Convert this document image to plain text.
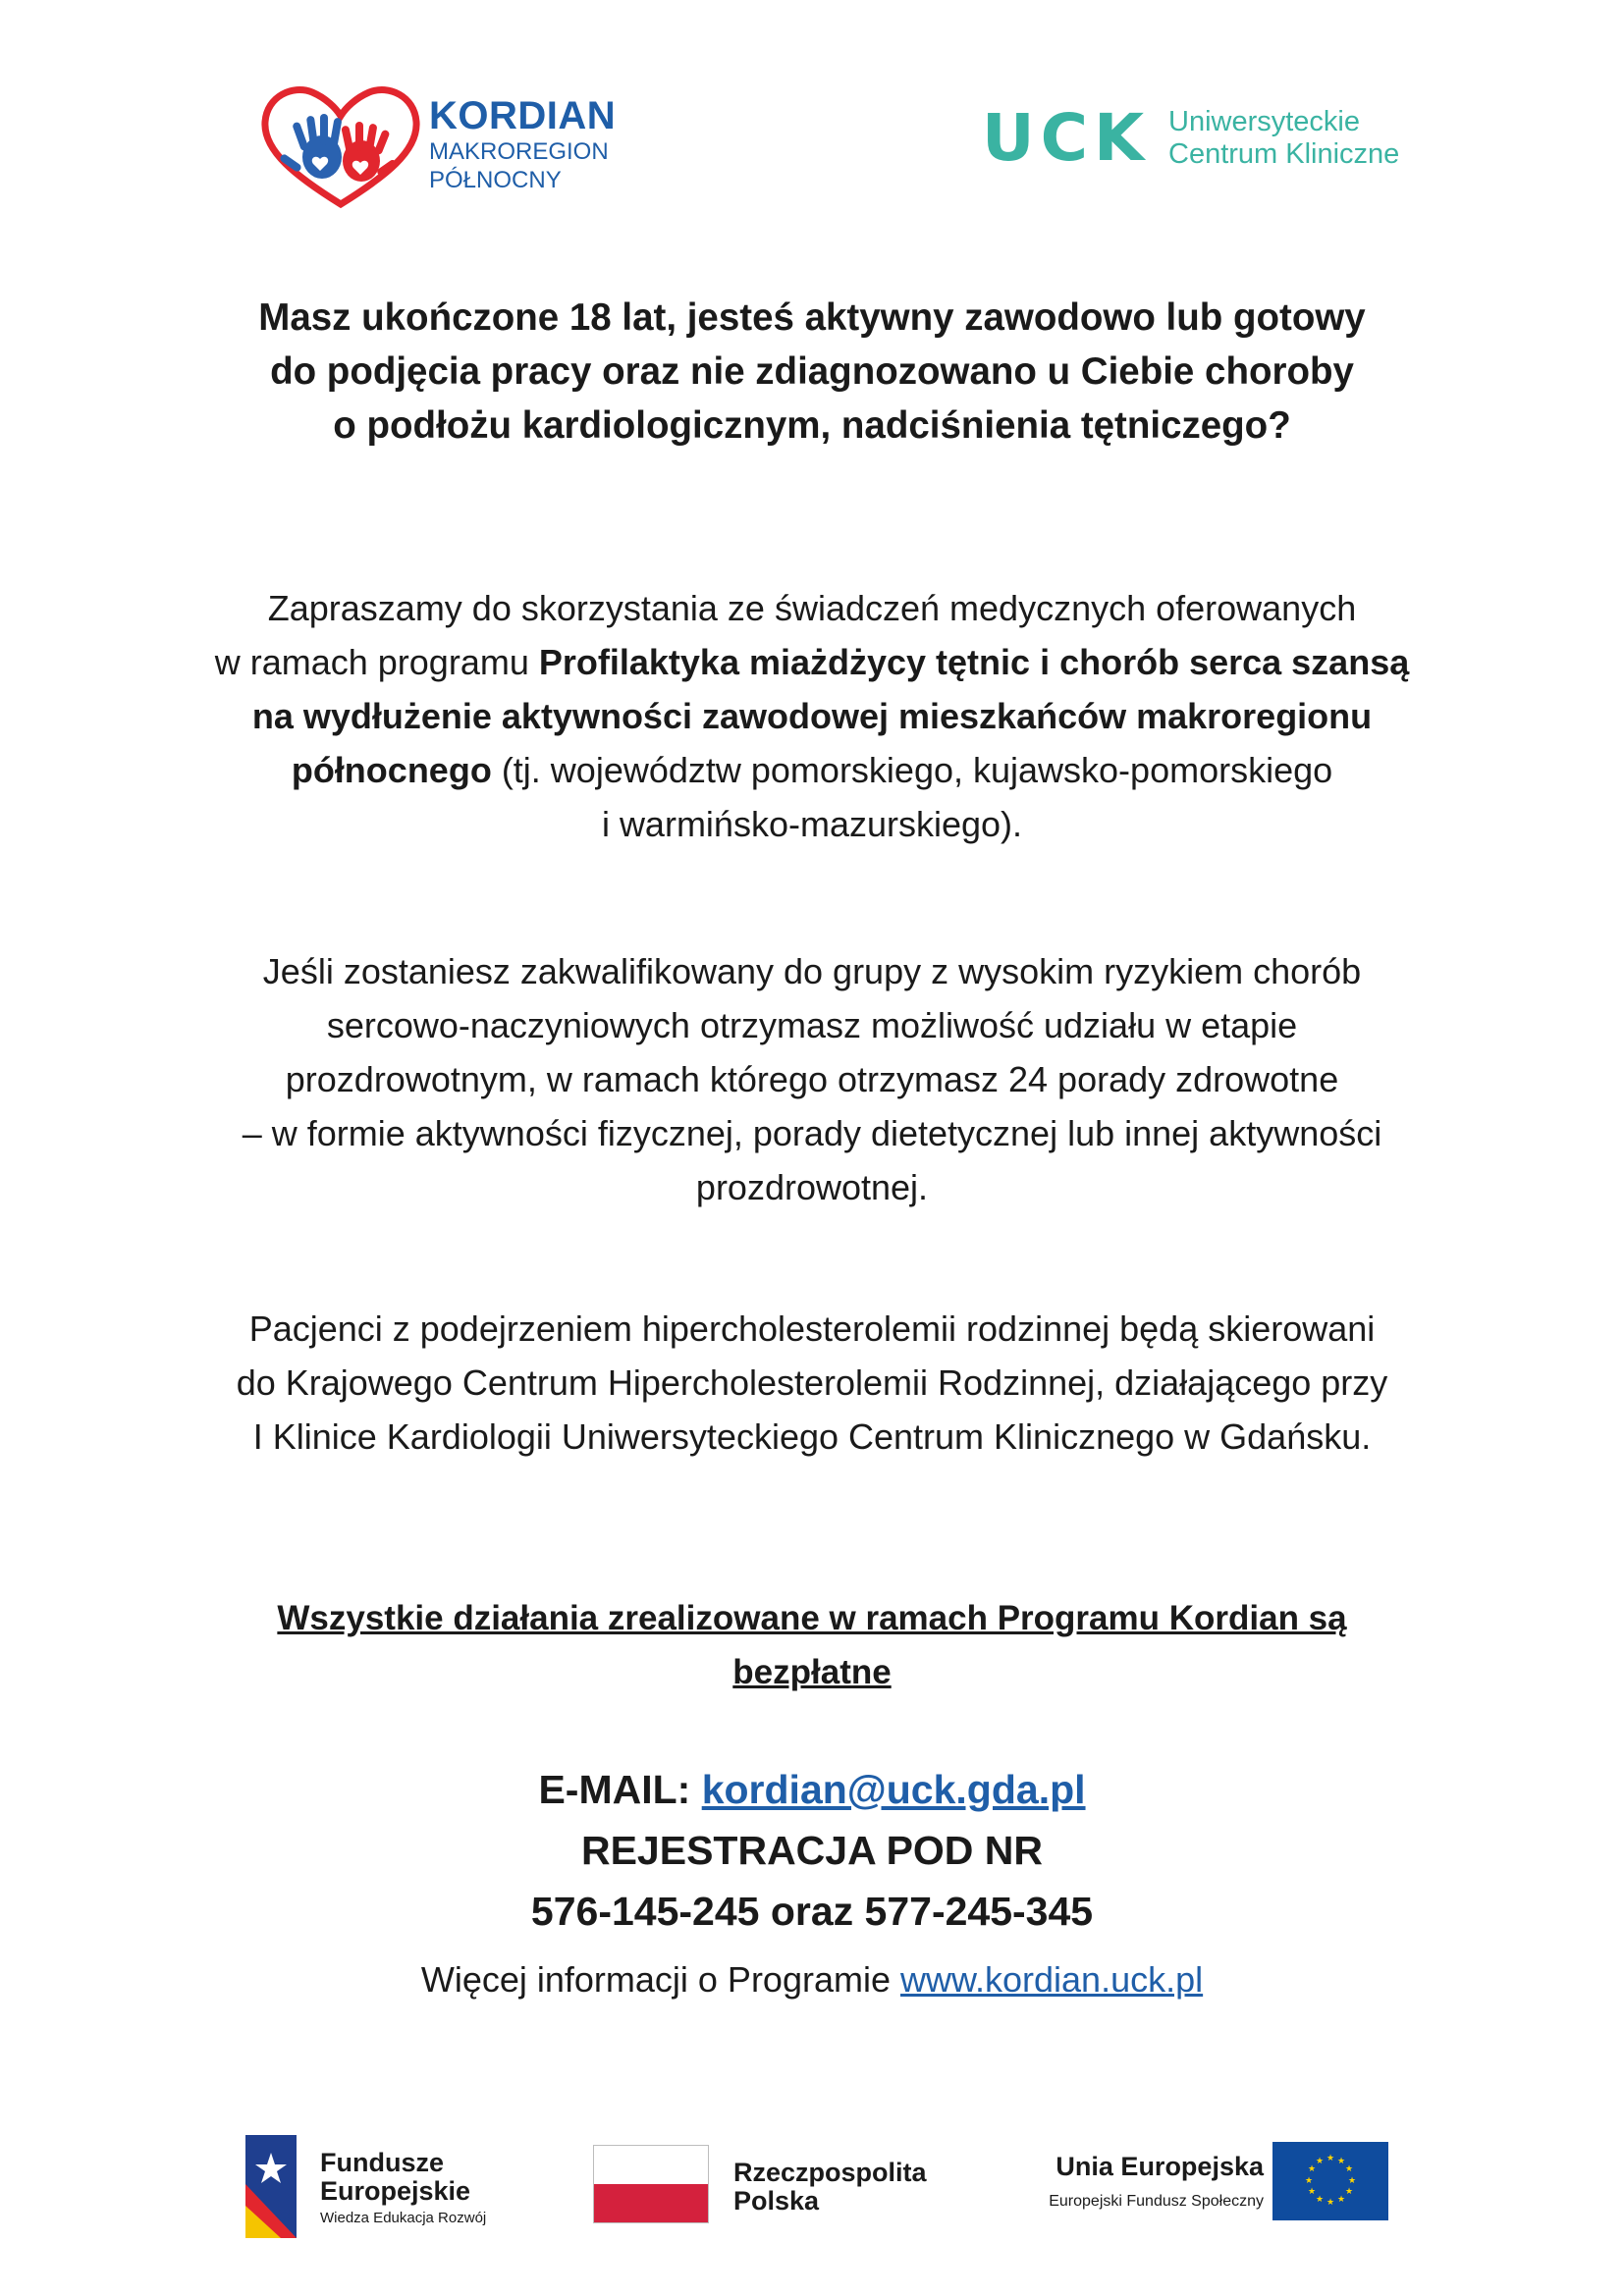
KORDIAN
MAKROREGION
PÓŁNOCNY
UCK Uniwersyteckie
Centrum Kliniczne
Masz ukończone 18 lat, jesteś aktywny zawodowo lub gotowy
do podjęcia pracy oraz nie zdiagnozowano u Ciebie choroby
o podłożu kardiologicznym, nadciśnienia tętniczego?
Zapraszamy do skorzystania ze świadczeń medycznych oferowanych
w ramach programu Profilaktyka miażdżycy tętnic i chorób serca szansą
na wydłużenie aktywności zawodowej mieszkańców makroregionu
północnego (tj. województw pomorskiego, kujawsko-pomorskiego
i warmińsko-mazurskiego).
Jeśli zostaniesz zakwalifikowany do grupy z wysokim ryzykiem chorób
sercowo-naczyniowych otrzymasz możliwość udziału w etapie
prozdrowotnym, w ramach którego otrzymasz 24 porady zdrowotne
– w formie aktywności fizycznej, porady dietetycznej lub innej aktywności
prozdrowotnej.
Pacjenci z podejrzeniem hipercholesterolemii rodzinnej będą skierowani
do Krajowego Centrum Hipercholesterolemii Rodzinnej, działającego przy
I Klinice Kardiologii Uniwersyteckiego Centrum Klinicznego w Gdańsku.
Wszystkie działania zrealizowane w ramach Programu Kordian są
bezpłatne
E-MAIL: kordian@uck.gda.pl
REJESTRACJA POD NR
576-145-245 oraz 577-245-345
Więcej informacji o Programie www.kordian.uck.pl
Fundusze
Europejskie
Wiedza Edukacja Rozwój
Rzeczpospolita
Polska
Unia Europejska
Europejski Fundusz Społeczny
★ ★
★
★
★
★
★
★
★
★
★
★
